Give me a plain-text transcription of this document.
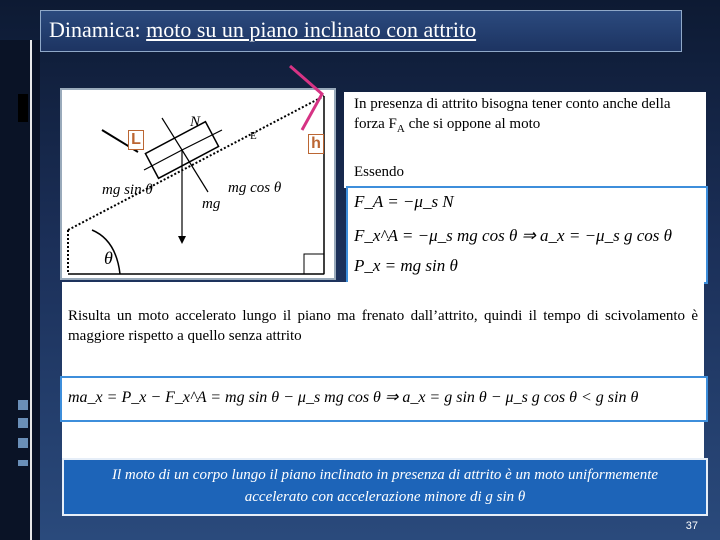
Dinamica: moto su un piano inclinato con attrito
N
E
mg sin θ	mg cos θ
mg
θ
L	h
In presenza di attrito bisogna tener conto anche della forza $F_A$ che si oppone al moto
Essendo
F_A = −μ_s N
F_x^A = −μ_s mg cos θ ⇒ a_x = −μ_s g cos θ
P_x = mg sin θ
Risulta un moto accelerato lungo il piano ma frenato dall’attrito, quindi il tempo di scivolamento è maggiore rispetto a quello senza attrito
ma_x = P_x − F_x^A = mg sin θ − μ_s mg cos θ ⇒ a_x = g sin θ − μ_s g cos θ < g sin θ
Il moto di un corpo lungo il piano inclinato in presenza di attrito è un moto uniformemente accelerato con accelerazione minore di g sin θ
37
